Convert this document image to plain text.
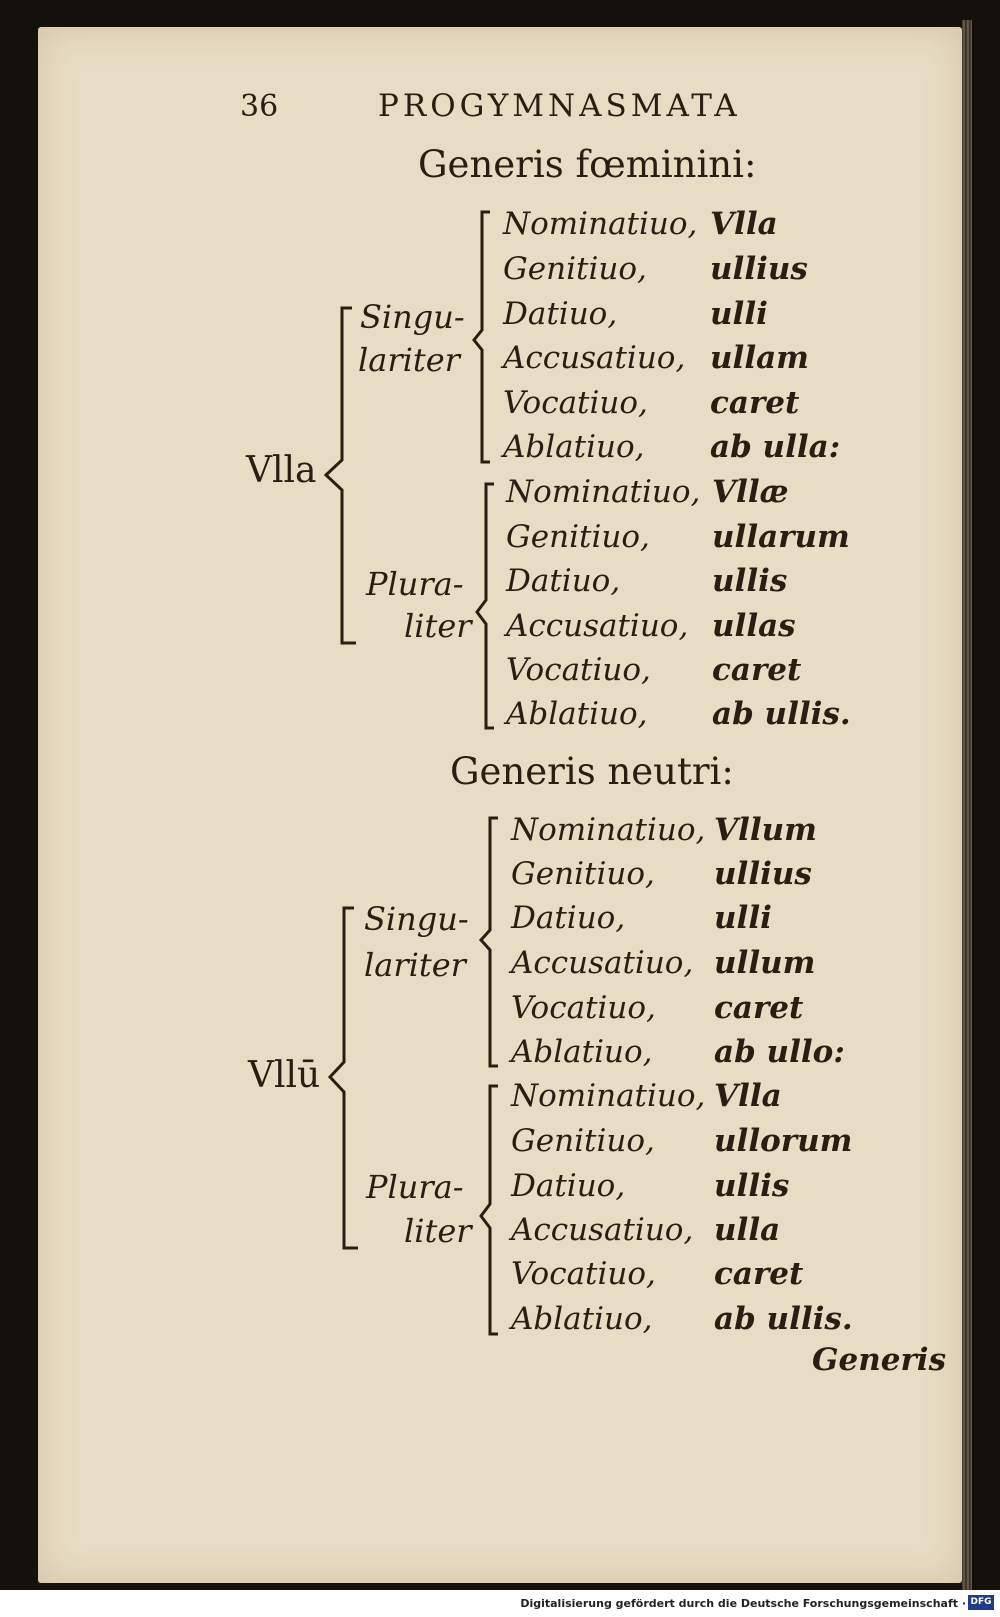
36	PROGYMNASMATA
Generis fœminini:
Vlla
Singu-
lariter
Plura-
liter
Nominatiuo,
Genitiuo,
Datiuo,
Accusatiuo,
Vocatiuo,
Ablatiuo,
Vlla
ullius
ulli
ullam
caret
ab ulla:
Nominatiuo,
Genitiuo,
Datiuo,
Accusatiuo,
Vocatiuo,
Ablatiuo,
Vllæ
ullarum
ullis
ullas
caret
ab ullis.
Generis neutri:
Vllū
Singu-
lariter
Plura-
liter
Nominatiuo,
Genitiuo,
Datiuo,
Accusatiuo,
Vocatiuo,
Ablatiuo,
Vllum
ullius
ulli
ullum
caret
ab ullo:
Nominatiuo,
Genitiuo,
Datiuo,
Accusatiuo,
Vocatiuo,
Ablatiuo,
Vlla
ullorum
ullis
ulla
caret
ab ullis.
Generis
Digitalisierung gefördert durch die Deutsche Forschungsgemeinschaft · DFG
